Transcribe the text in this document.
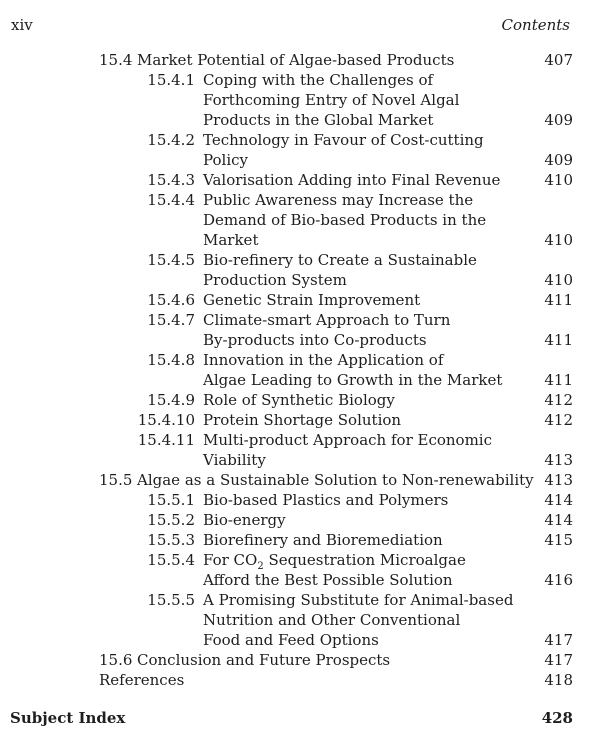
xiv	Contents
15.4 Market Potential of Algae-based Products	407
15.4.1 Coping with the Challenges of
Forthcoming Entry of Novel Algal
Products in the Global Market	409
15.4.2 Technology in Favour of Cost-cutting
Policy	409
15.4.3 Valorisation Adding into Final Revenue	410
15.4.4 Public Awareness may Increase the
Demand of Bio-based Products in the
Market	410
15.4.5 Bio-refinery to Create a Sustainable
Production System	410
15.4.6 Genetic Strain Improvement	411
15.4.7 Climate-smart Approach to Turn
By-products into Co-products	411
15.4.8 Innovation in the Application of
Algae Leading to Growth in the Market	411
15.4.9 Role of Synthetic Biology	412
15.4.10 Protein Shortage Solution	412
15.4.11 Multi-product Approach for Economic
Viability	413
15.5 Algae as a Sustainable Solution to Non-renewability 413
15.5.1 Bio-based Plastics and Polymers	414
15.5.2 Bio-energy	414
15.5.3 Biorefinery and Bioremediation	415
15.5.4 For $CO_2$ Sequestration Microalgae
Afford the Best Possible Solution	416
15.5.5 A Promising Substitute for Animal-based
Nutrition and Other Conventional
Food and Feed Options	417
15.6 Conclusion and Future Prospects	417
References	418
Subject Index	428
